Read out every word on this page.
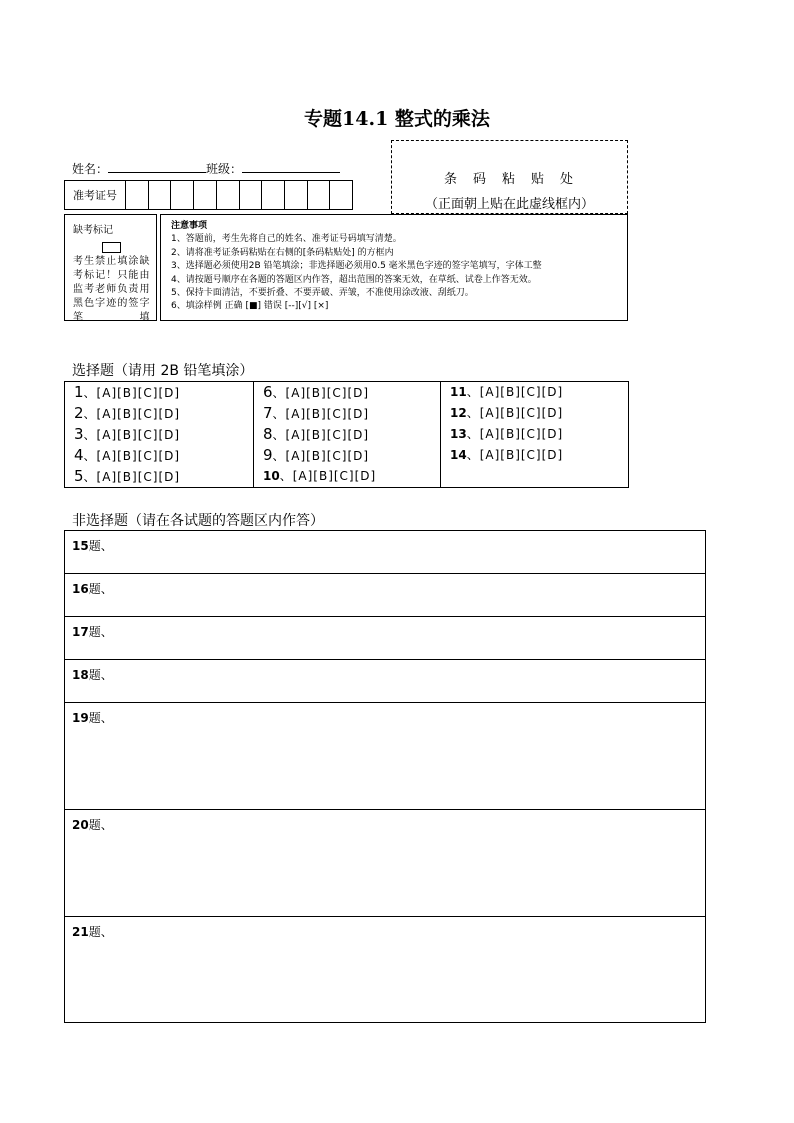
专题14.1 整式的乘法
姓名：	班级：
准考证号
条码粘贴处
（正面朝上贴在此虚线框内）
缺考标记
考生禁止填涂缺考标记！只能由监考老师负责用黑色字迹的签字笔填
注意事项
1、答题前，考生先将自己的姓名、准考证号码填写清楚。
2、请将准考证条码粘贴在右侧的[条码粘贴处] 的方框内
3、选择题必须使用2B 铅笔填涂；非选择题必须用0.5 毫米黑色字迹的签字笔填写，字体工整
4、请按题号顺序在各题的答题区内作答，超出范围的答案无效，在草纸、试卷上作答无效。
5、保持卡面清洁，不要折叠、不要弄破、弄皱，不准使用涂改液、刮纸刀。
6、填涂样例 正确 [■] 错误 [--][√] [×]
选择题（请用 2B 铅笔填涂）
1、[A][B][C][D]
2、[A][B][C][D]
3、[A][B][C][D]
4、[A][B][C][D]
5、[A][B][C][D]
6、[A][B][C][D]
7、[A][B][C][D]
8、[A][B][C][D]
9、[A][B][C][D]
10、[A][B][C][D]
11、[A][B][C][D]
12、[A][B][C][D]
13、[A][B][C][D]
14、[A][B][C][D]
非选择题（请在各试题的答题区内作答）
15题、
16题、
17题、
18题、
19题、
20题、
21题、
